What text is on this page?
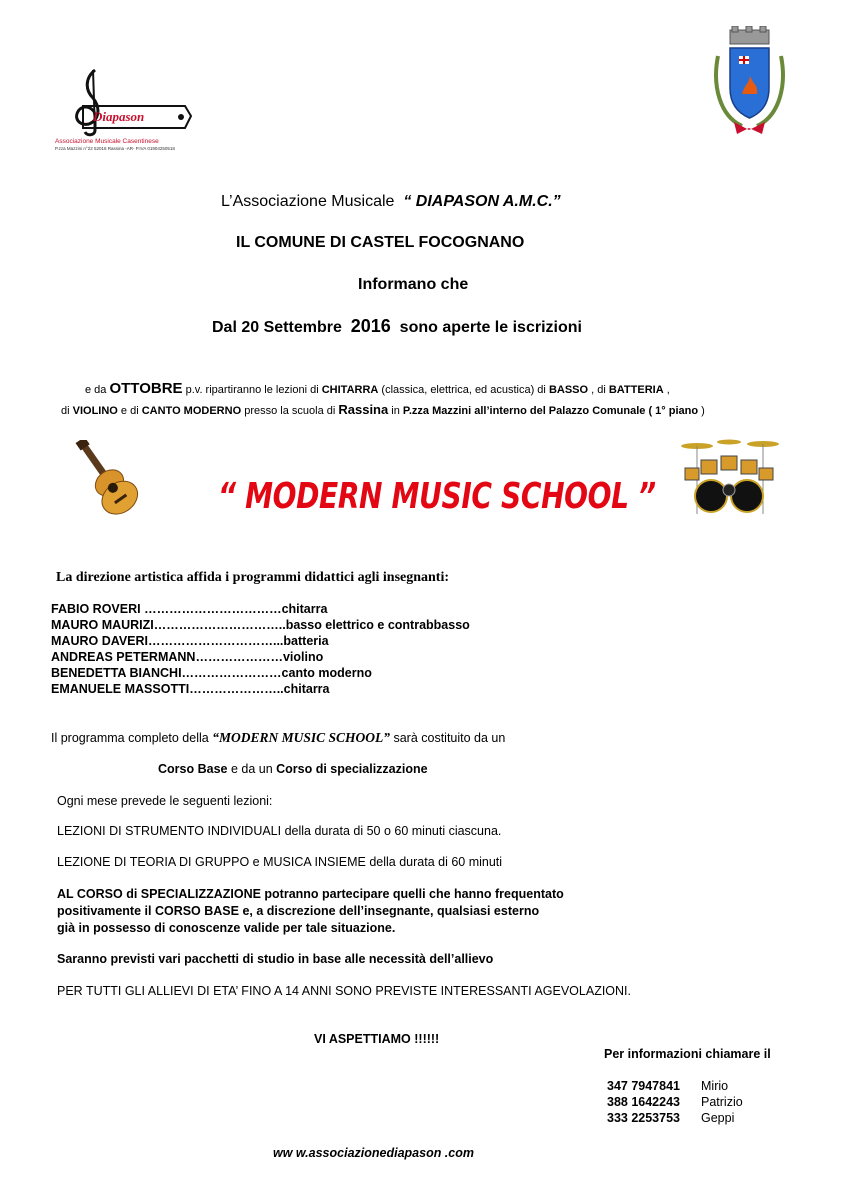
Diapason
Associazione Musicale Casentinese
P.zza Mazzini n°22 52016 Rassina -AR- P.IVA 01904250518
L’Associazione Musicale “ DIAPASON A.M.C.”
IL COMUNE DI CASTEL FOCOGNANO
Informano che
Dal 20 Settembre 2016 sono aperte le iscrizioni
e da OTTOBRE p.v. ripartiranno le lezioni di CHITARRA (classica, elettrica, ed acustica) di BASSO , di BATTERIA ,
di VIOLINO e di CANTO MODERNO presso la scuola di Rassina in P.zza Mazzini all’interno del Palazzo Comunale ( 1° piano )
“ MODERN MUSIC SCHOOL ”
La direzione artistica affida i programmi didattici agli insegnanti:
FABIO ROVERI ……………………………chitarra
MAURO MAURIZI…………………………..basso elettrico e contrabbasso
MAURO DAVERI…………………………...batteria
ANDREAS PETERMANN…………………violino
BENEDETTA BIANCHI……………………canto moderno
EMANUELE MASSOTTI…………………..chitarra
Il programma completo della “MODERN MUSIC SCHOOL” sarà costituito da un
Corso Base e da un Corso di specializzazione
Ogni mese prevede le seguenti lezioni:
LEZIONI DI STRUMENTO INDIVIDUALI della durata di 50 o 60 minuti ciascuna.
LEZIONE DI TEORIA DI GRUPPO e MUSICA INSIEME della durata di 60 minuti
AL CORSO di SPECIALIZZAZIONE potranno partecipare quelli che hanno frequentato
positivamente il CORSO BASE e, a discrezione dell’insegnante, qualsiasi esterno
già in possesso di conoscenze valide per tale situazione.
Saranno previsti vari pacchetti di studio in base alle necessità dell’allievo
PER TUTTI GLI ALLIEVI DI ETA’ FINO A 14 ANNI SONO PREVISTE INTERESSANTI AGEVOLAZIONI.
VI ASPETTIAMO !!!!!!
Per informazioni chiamare il
347 7947841 Mirio
388 1642243 Patrizio
333 2253753 Geppi
ww w.associazionediapason .com
